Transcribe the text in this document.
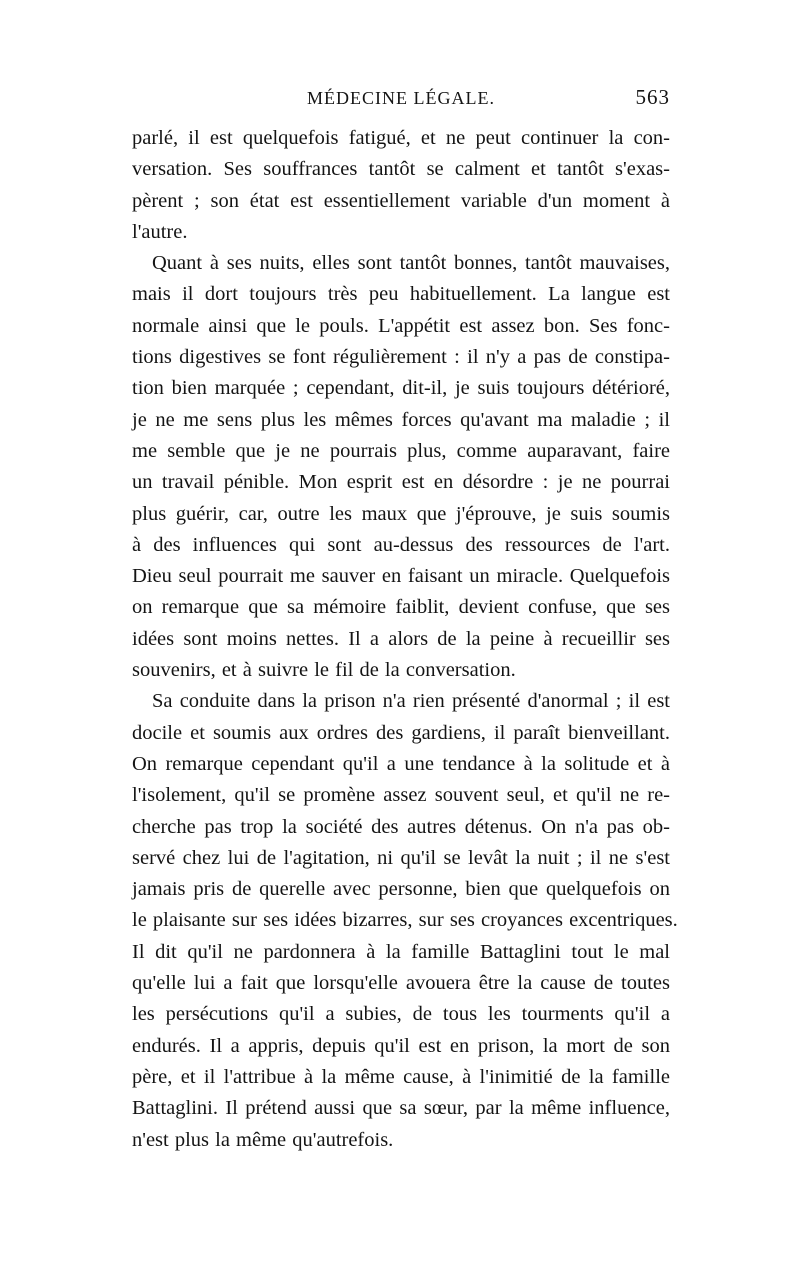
MÉDECINE LÉGALE.	563

parlé, il est quelquefois fatigué, et ne peut continuer la con-
versation. Ses souffrances tantôt se calment et tantôt s'exas-
pèrent ; son état est essentiellement variable d'un moment à
l'autre.

Quant à ses nuits, elles sont tantôt bonnes, tantôt mauvaises,
mais il dort toujours très peu habituellement. La langue est
normale ainsi que le pouls. L'appétit est assez bon. Ses fonc-
tions digestives se font régulièrement : il n'y a pas de constipa-
tion bien marquée ; cependant, dit-il, je suis toujours détérioré,
je ne me sens plus les mêmes forces qu'avant ma maladie ; il
me semble que je ne pourrais plus, comme auparavant, faire
un travail pénible. Mon esprit est en désordre : je ne pourrai
plus guérir, car, outre les maux que j'éprouve, je suis soumis
à des influences qui sont au-dessus des ressources de l'art.
Dieu seul pourrait me sauver en faisant un miracle. Quelquefois
on remarque que sa mémoire faiblit, devient confuse, que ses
idées sont moins nettes. Il a alors de la peine à recueillir ses
souvenirs, et à suivre le fil de la conversation.

Sa conduite dans la prison n'a rien présenté d'anormal ; il est
docile et soumis aux ordres des gardiens, il paraît bienveillant.
On remarque cependant qu'il a une tendance à la solitude et à
l'isolement, qu'il se promène assez souvent seul, et qu'il ne re-
cherche pas trop la société des autres détenus. On n'a pas ob-
servé chez lui de l'agitation, ni qu'il se levât la nuit ; il ne s'est
jamais pris de querelle avec personne, bien que quelquefois on
le plaisante sur ses idées bizarres, sur ses croyances excentriques.
Il dit qu'il ne pardonnera à la famille Battaglini tout le mal
qu'elle lui a fait que lorsqu'elle avouera être la cause de toutes
les persécutions qu'il a subies, de tous les tourments qu'il a
endurés. Il a appris, depuis qu'il est en prison, la mort de son
père, et il l'attribue à la même cause, à l'inimitié de la famille
Battaglini. Il prétend aussi que sa sœur, par la même influence,
n'est plus la même qu'autrefois.
